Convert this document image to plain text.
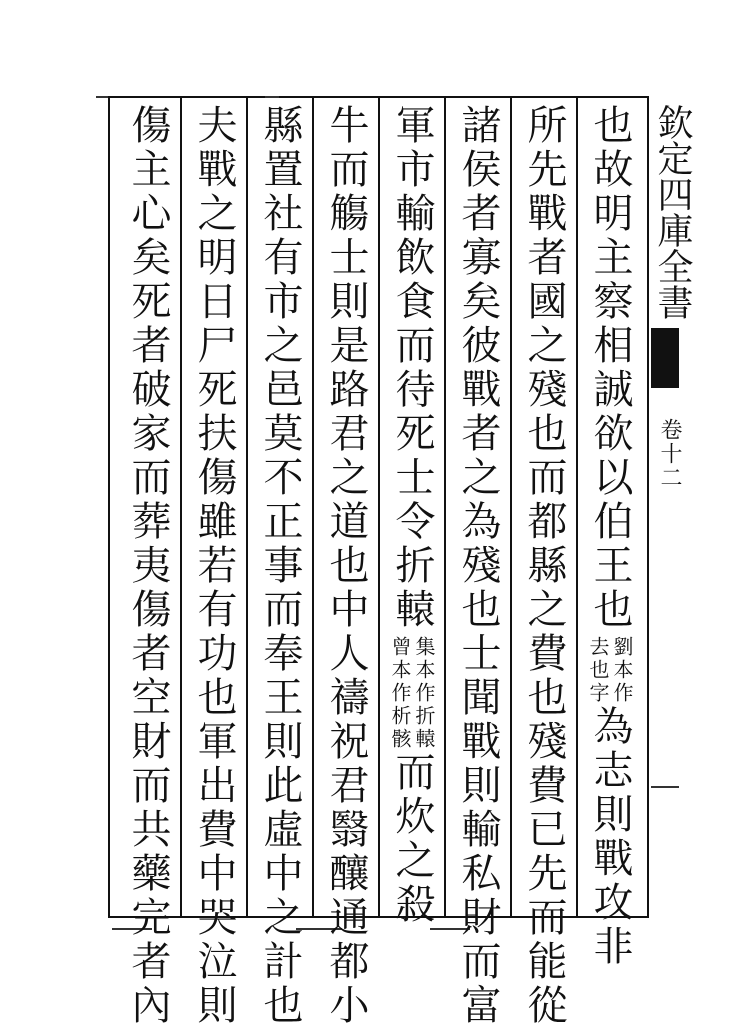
欽定四庫全書
卷十二
也故明主察相誠欲以伯王也
劉本作
去也字
為志則戰攻非
所先戰者國之殘也而都縣之費也殘費已先而能從
諸侯者寡矣彼戰者之為殘也士聞戰則輸私財而富
軍市輸飲食而待死士令折轅
集本作折轅
曾本作析骸
而炊之殺
牛而觴士則是路君之道也中人禱祝君翳釀通都小
縣置社有市之邑莫不正事而奉王則此虛中之計也
夫戰之明日尸死扶傷雖若有功也軍出費中哭泣則
傷主心矣死者破家而葬夷傷者空財而共藥完者內
